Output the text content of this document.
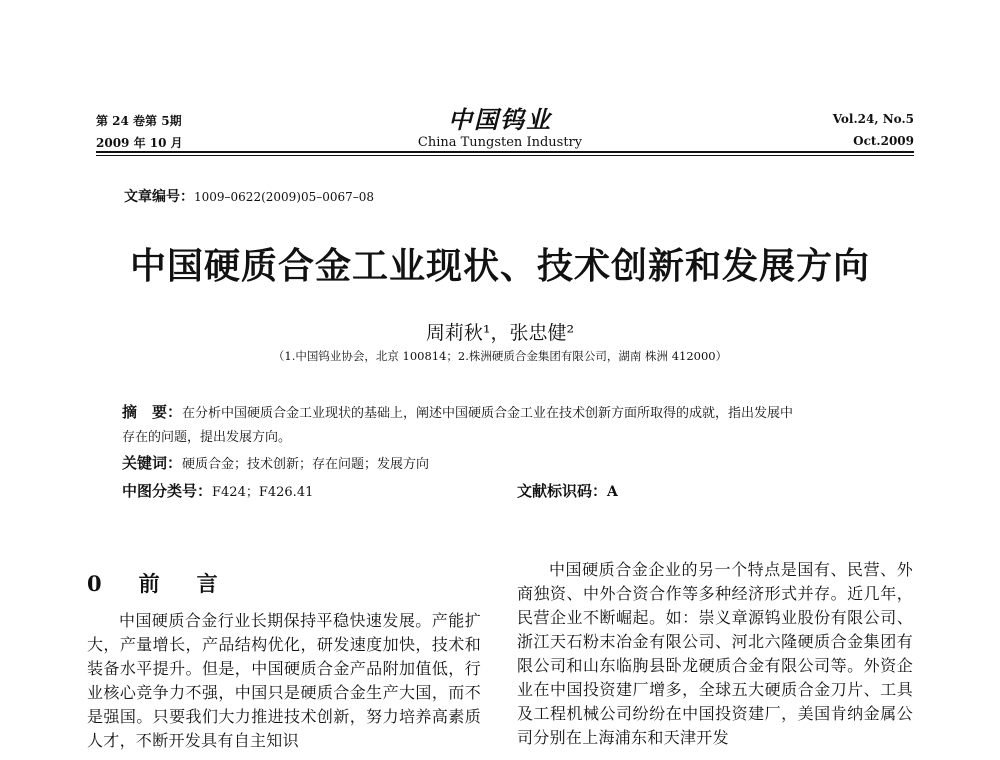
第 24 卷第 5期
2009 年 10 月
中国钨业
China Tungsten Industry
Vol.24, No.5
Oct.2009
文章编号：1009–0622(2009)05–0067–08
中国硬质合金工业现状、技术创新和发展方向
周莉秋¹，张忠健²
（1.中国钨业协会，北京 100814；2.株洲硬质合金集团有限公司，湖南 株洲 412000）
摘　要：在分析中国硬质合金工业现状的基础上，阐述中国硬质合金工业在技术创新方面所取得的成就，指出发展中
存在的问题，提出发展方向。
关键词：硬质合金；技术创新；存在问题；发展方向
中图分类号：F424；F426.41	文献标识码：A
0　前　言
中国硬质合金行业长期保持平稳快速发展。产能扩大，产量增长，产品结构优化，研发速度加快，技术和装备水平提升。但是，中国硬质合金产品附加值低，行业核心竞争力不强，中国只是硬质合金生产大国，而不是强国。只要我们大力推进技术创新，努力培养高素质人才，不断开发具有自主知识
中国硬质合金企业的另一个特点是国有、民营、外商独资、中外合资合作等多种经济形式并存。近几年，民营企业不断崛起。如：崇义章源钨业股份有限公司、浙江天石粉末冶金有限公司、河北六隆硬质合金集团有限公司和山东临朐县卧龙硬质合金有限公司等。外资企业在中国投资建厂增多，全球五大硬质合金刀片、工具及工程机械公司纷纷在中国投资建厂，美国肯纳金属公司分别在上海浦东和天津开发
